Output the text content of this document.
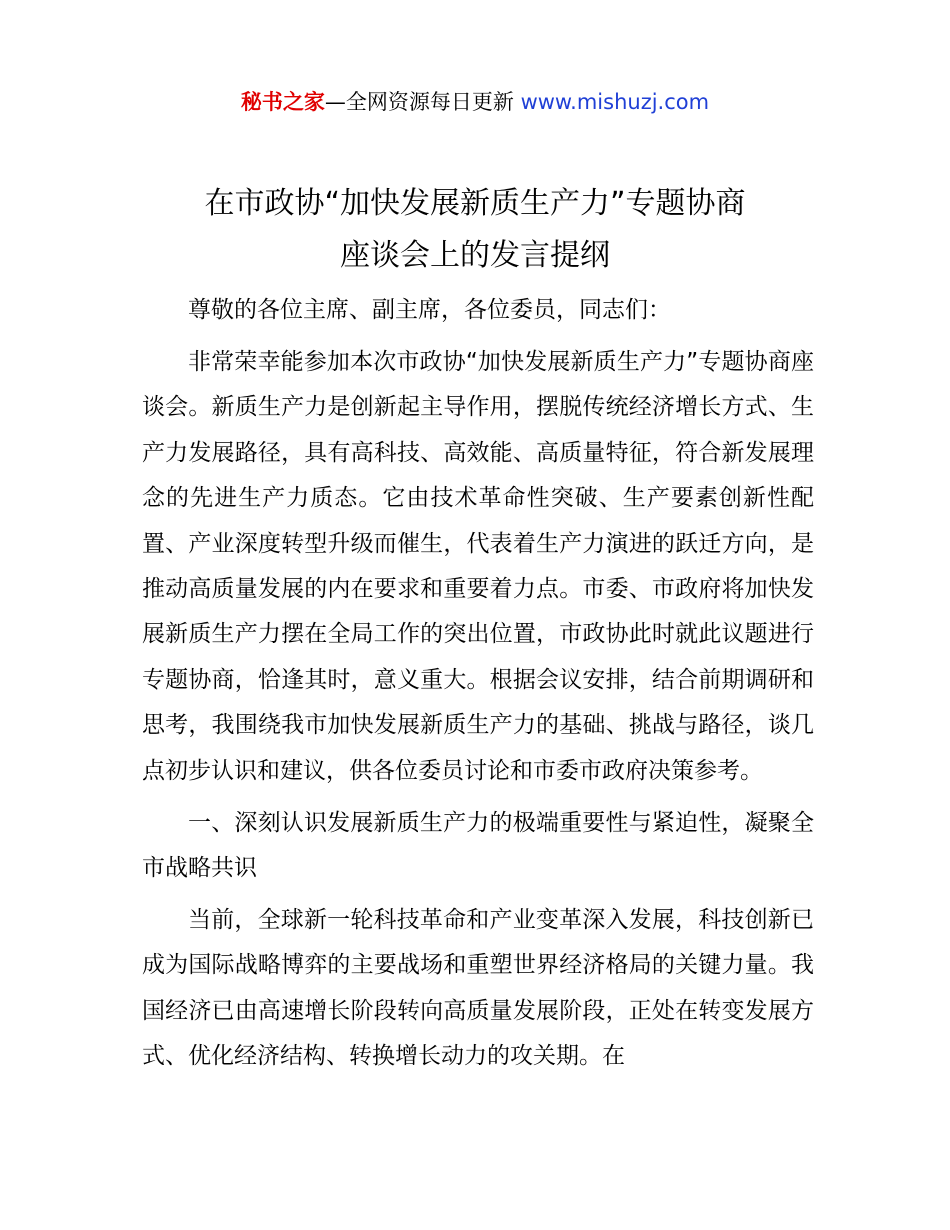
秘书之家—全网资源每日更新 www.mishuzj.com
在市政协“加快发展新质生产力”专题协商
座谈会上的发言提纲

尊敬的各位主席、副主席，各位委员，同志们：

非常荣幸能参加本次市政协“加快发展新质生产力”专题协商座谈会。新质生产力是创新起主导作用，摆脱传统经济增长方式、生产力发展路径，具有高科技、高效能、高质量特征，符合新发展理念的先进生产力质态。它由技术革命性突破、生产要素创新性配置、产业深度转型升级而催生，代表着生产力演进的跃迁方向，是推动高质量发展的内在要求和重要着力点。市委、市政府将加快发展新质生产力摆在全局工作的突出位置，市政协此时就此议题进行专题协商，恰逢其时，意义重大。根据会议安排，结合前期调研和思考，我围绕我市加快发展新质生产力的基础、挑战与路径，谈几点初步认识和建议，供各位委员讨论和市委市政府决策参考。

一、深刻认识发展新质生产力的极端重要性与紧迫性，凝聚全市战略共识

当前，全球新一轮科技革命和产业变革深入发展，科技创新已成为国际战略博弈的主要战场和重塑世界经济格局的关键力量。我国经济已由高速增长阶段转向高质量发展阶段，正处在转变发展方式、优化经济结构、转换增长动力的攻关期。在
